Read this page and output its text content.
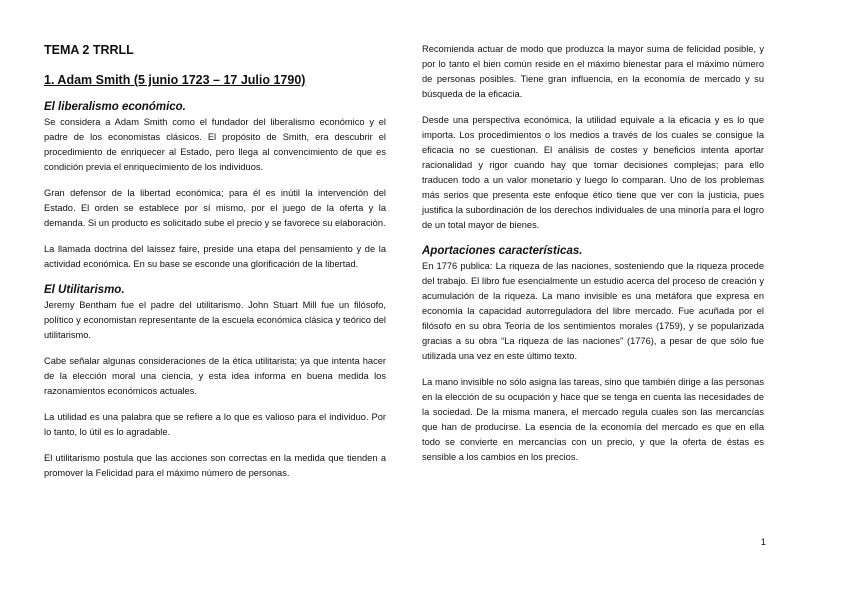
TEMA 2 TRRLL
1. Adam Smith (5 junio 1723 – 17 Julio 1790)
El liberalismo económico.

Se considera a Adam Smith como el fundador del liberalismo económico y el padre de los economistas clásicos. El propósito de Smith, era descubrir el procedimiento de enriquecer al Estado, pero llega al convencimiento de que es condición previa el enriquecimiento de los individuos.

Gran defensor de la libertad económica; para él es inútil la intervención del Estado. El orden se establece por sí mismo, por el juego de la oferta y la demanda. Si un producto es solicitado sube el precio y se favorece su elaboración.

La llamada doctrina del laissez faire, preside una etapa del pensamiento y de la actividad económica. En su base se esconde una glorificación de la libertad.

El Utilitarismo.

Jeremy Bentham fue el padre del utilitarismo. John Stuart Mill fue un filósofo, político y economistan representante de la escuela económica clásica y teórico del utilitarismo.

Cabe señalar algunas consideraciones de la ética utilitarista; ya que intenta hacer de la elección moral una ciencia, y esta idea informa en buena medida los razonamientos económicos actuales.

La utilidad es una palabra que se refiere a lo que es valioso para el individuo. Por lo tanto, lo útil es lo agradable.

El utilitarismo postula que las acciones son correctas en la medida que tienden a promover la Felicidad para el máximo número de personas.

Recomienda actuar de modo que produzca la mayor suma de felicidad posible, y por lo tanto el bien común reside en el máximo bienestar para el máximo número de personas posibles. Tiene gran influencia, en la economía de mercado y su búsqueda de la eficacia.

Desde una perspectiva económica, la utilidad equivale a la eficacia y es lo que importa. Los procedimientos o los medios a través de los cuales se consigue la eficacia no se cuestionan. El análisis de costes y beneficios intenta aportar racionalidad y rigor cuando hay que tomar decisiones complejas; para ello traducen todo a un valor monetario y luego lo comparan. Uno de los problemas más serios que presenta este enfoque ético tiene que ver con la justicia, pues justifica la subordinación de los derechos individuales de una minoría para el logro de un total mayor de bienes.

Aportaciones características.

En 1776 publica: La riqueza de las naciones, sosteniendo que la riqueza procede del trabajo. El libro fue esencialmente un estudio acerca del proceso de creación y acumulación de la riqueza. La mano invisible es una metáfora que expresa en economía la capacidad autorreguladora del libre mercado. Fue acuñada por el filósofo en su obra Teoría de los sentimientos morales (1759), y se popularizada gracias a su obra “La riqueza de las naciones” (1776), a pesar de que sólo fue utilizada una vez en este último texto.

La mano invisible no sólo asigna las tareas, sino que también dirige a las personas en la elección de su ocupación y hace que se tenga en cuenta las necesidades de la sociedad. De la misma manera, el mercado regula cuales son las mercancías que han de producirse. La esencia de la economía del mercado es que en ella todo se convierte en mercancías con un precio, y que la oferta de éstas es sensible a los cambios en los precios.

1
